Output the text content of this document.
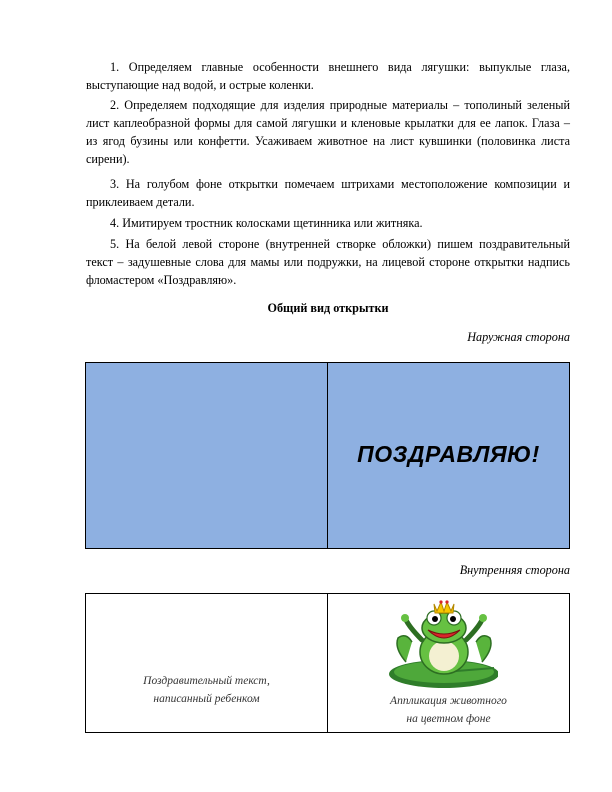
1. Определяем главные особенности внешнего вида лягушки: выпуклые глаза, выступающие над водой, и острые коленки.

2. Определяем подходящие для изделия природные материалы – тополиный зеленый лист каплеобразной формы для самой лягушки и кленовые крылатки для ее лапок. Глаза – из ягод бузины или конфетти. Усаживаем животное на лист кувшинки (половинка листа сирени).

3. На голубом фоне открытки помечаем штрихами местоположение композиции и приклеиваем детали.

4. Имитируем тростник колосками щетинника или житняка.

5. На белой левой стороне (внутренней створке обложки) пишем поздравительный текст – задушевные слова для мамы или подружки, на лицевой стороне открытки надпись фломастером «Поздравляю».

Общий вид открытки
Наружная сторона
ПОЗДРАВЛЯЮ!
Внутренняя сторона
Поздравительный текст,
написанный ребенком	Аппликация животного
на цветном фоне
